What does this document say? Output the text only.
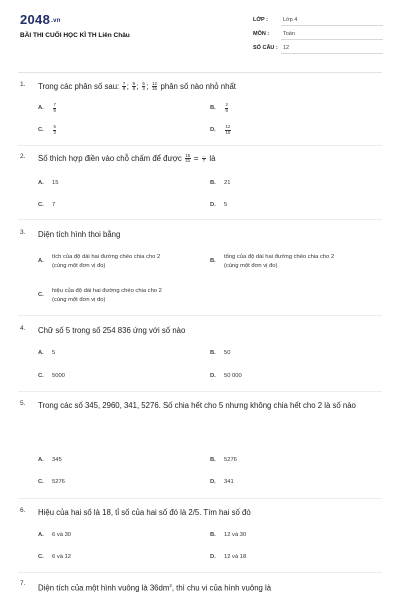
2048.vn
BÀI THI CUỐI HỌC KÌ TH Liên Châu
LỚP :	Lớp 4
MÔN :	Toán
SỐ CÂU : 12
1. Trong các phân số sau: $\frac{7}{8}$ ; $\frac{9}{8}$ ; $\frac{5}{3}$ ; $\frac{12}{15}$ phân số nào nhỏ nhất
A. $\frac{7}{8}$	B. $\frac{2}{8}$
C. $\frac{5}{3}$	D. $\frac{12}{15}$
2. Số thích hợp điền vào chỗ chấm để được $\frac{15}{21} = \frac{...}{7}$ là
A. 15	B. 21
C. 7	D. 5
3. Diện tích hình thoi bằng
A.
tích của độ dài hai đường chéo chia cho 2
(cùng một đơn vị đo)
B.
tổng của độ dài hai đường chéo chia cho 2
(cùng một đơn vị đo)
C.
hiệu của độ dài hai đường chéo chia cho 2
(cùng một đơn vị đo)
4. Chữ số 5 trong số 254 836 ứng với số nào
A. 5	B. 50
C. 5000	D. 50 000
5. Trong các số 345, 2960, 341, 5276. Số chia hết cho 5 nhưng không chia hết cho 2 là số nào
A. 345	B. 5276
C. 5276	D. 341
6. Hiệu của hai số là 18, tỉ số của hai số đó là 2/5. Tìm hai số đó
A. 6 và 30	B. 12 và 30
C. 6 và 12	D. 12 và 18
7.
Diện tích của một hình vuông là $36dm^2$, thì chu vi của hình vuông là
